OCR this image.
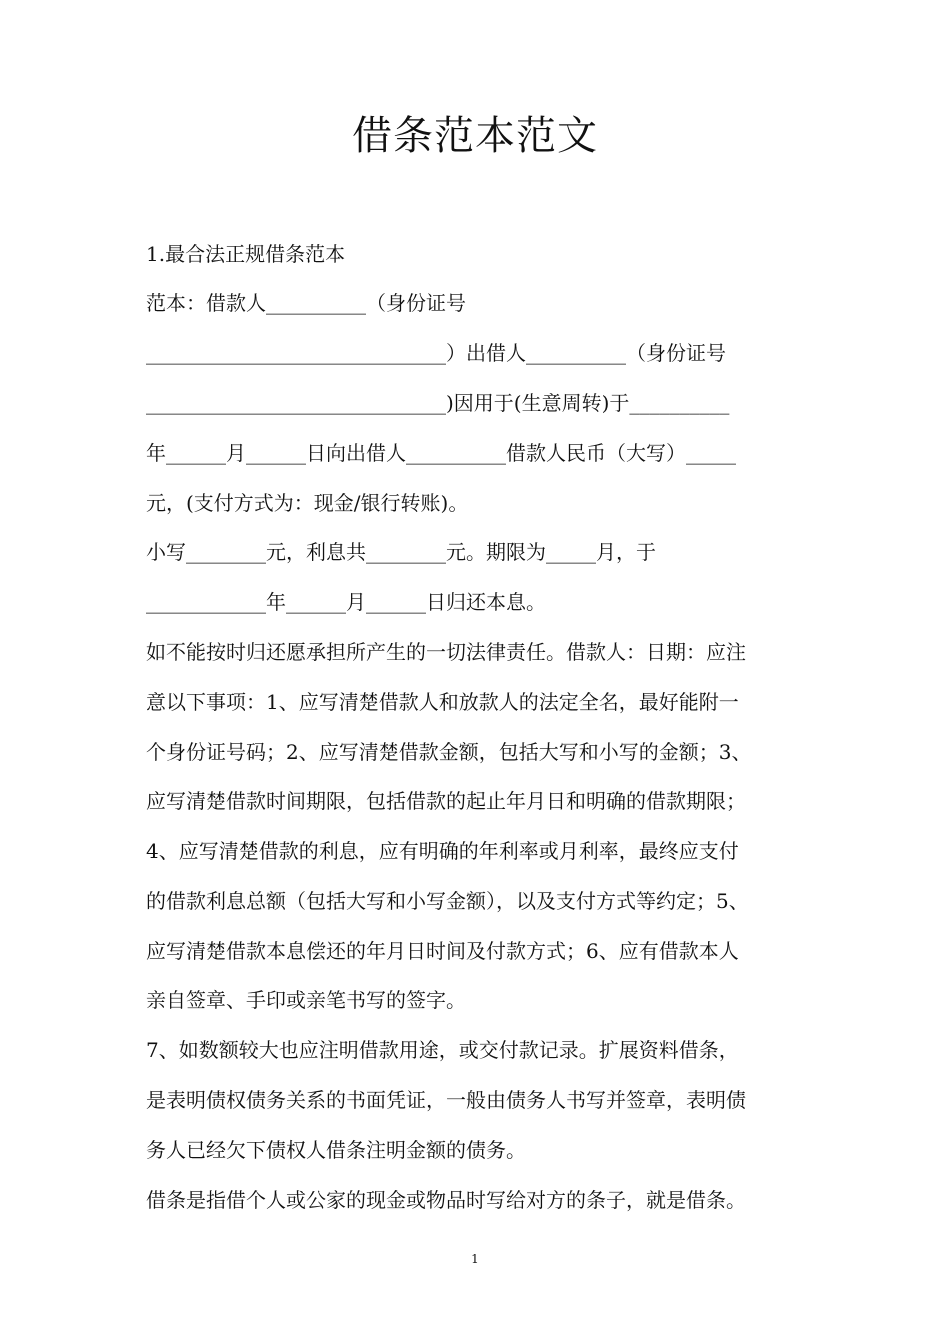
借条范本范文

1.最合法正规借条范本

范本：借款人__________（身份证号

______________________________）出借人__________（身份证号

______________________________)因用于(生意周转)于__________

年______月______日向出借人__________借款人民币（大写）_____

元，(支付方式为：现金/银行转账)。

小写________元，利息共________元。期限为_____月，于

____________年______月______日归还本息。

如不能按时归还愿承担所产生的一切法律责任。借款人：日期：应注

意以下事项：1、应写清楚借款人和放款人的法定全名，最好能附一

个身份证号码；2、应写清楚借款金额，包括大写和小写的金额；3、

应写清楚借款时间期限，包括借款的起止年月日和明确的借款期限；

4、应写清楚借款的利息，应有明确的年利率或月利率，最终应支付

的借款利息总额（包括大写和小写金额），以及支付方式等约定；5、

应写清楚借款本息偿还的年月日时间及付款方式；6、应有借款本人

亲自签章、手印或亲笔书写的签字。

7、如数额较大也应注明借款用途，或交付款记录。扩展资料借条，

是表明债权债务关系的书面凭证，一般由债务人书写并签章，表明债

务人已经欠下债权人借条注明金额的债务。

借条是指借个人或公家的现金或物品时写给对方的条子，就是借条。

1
